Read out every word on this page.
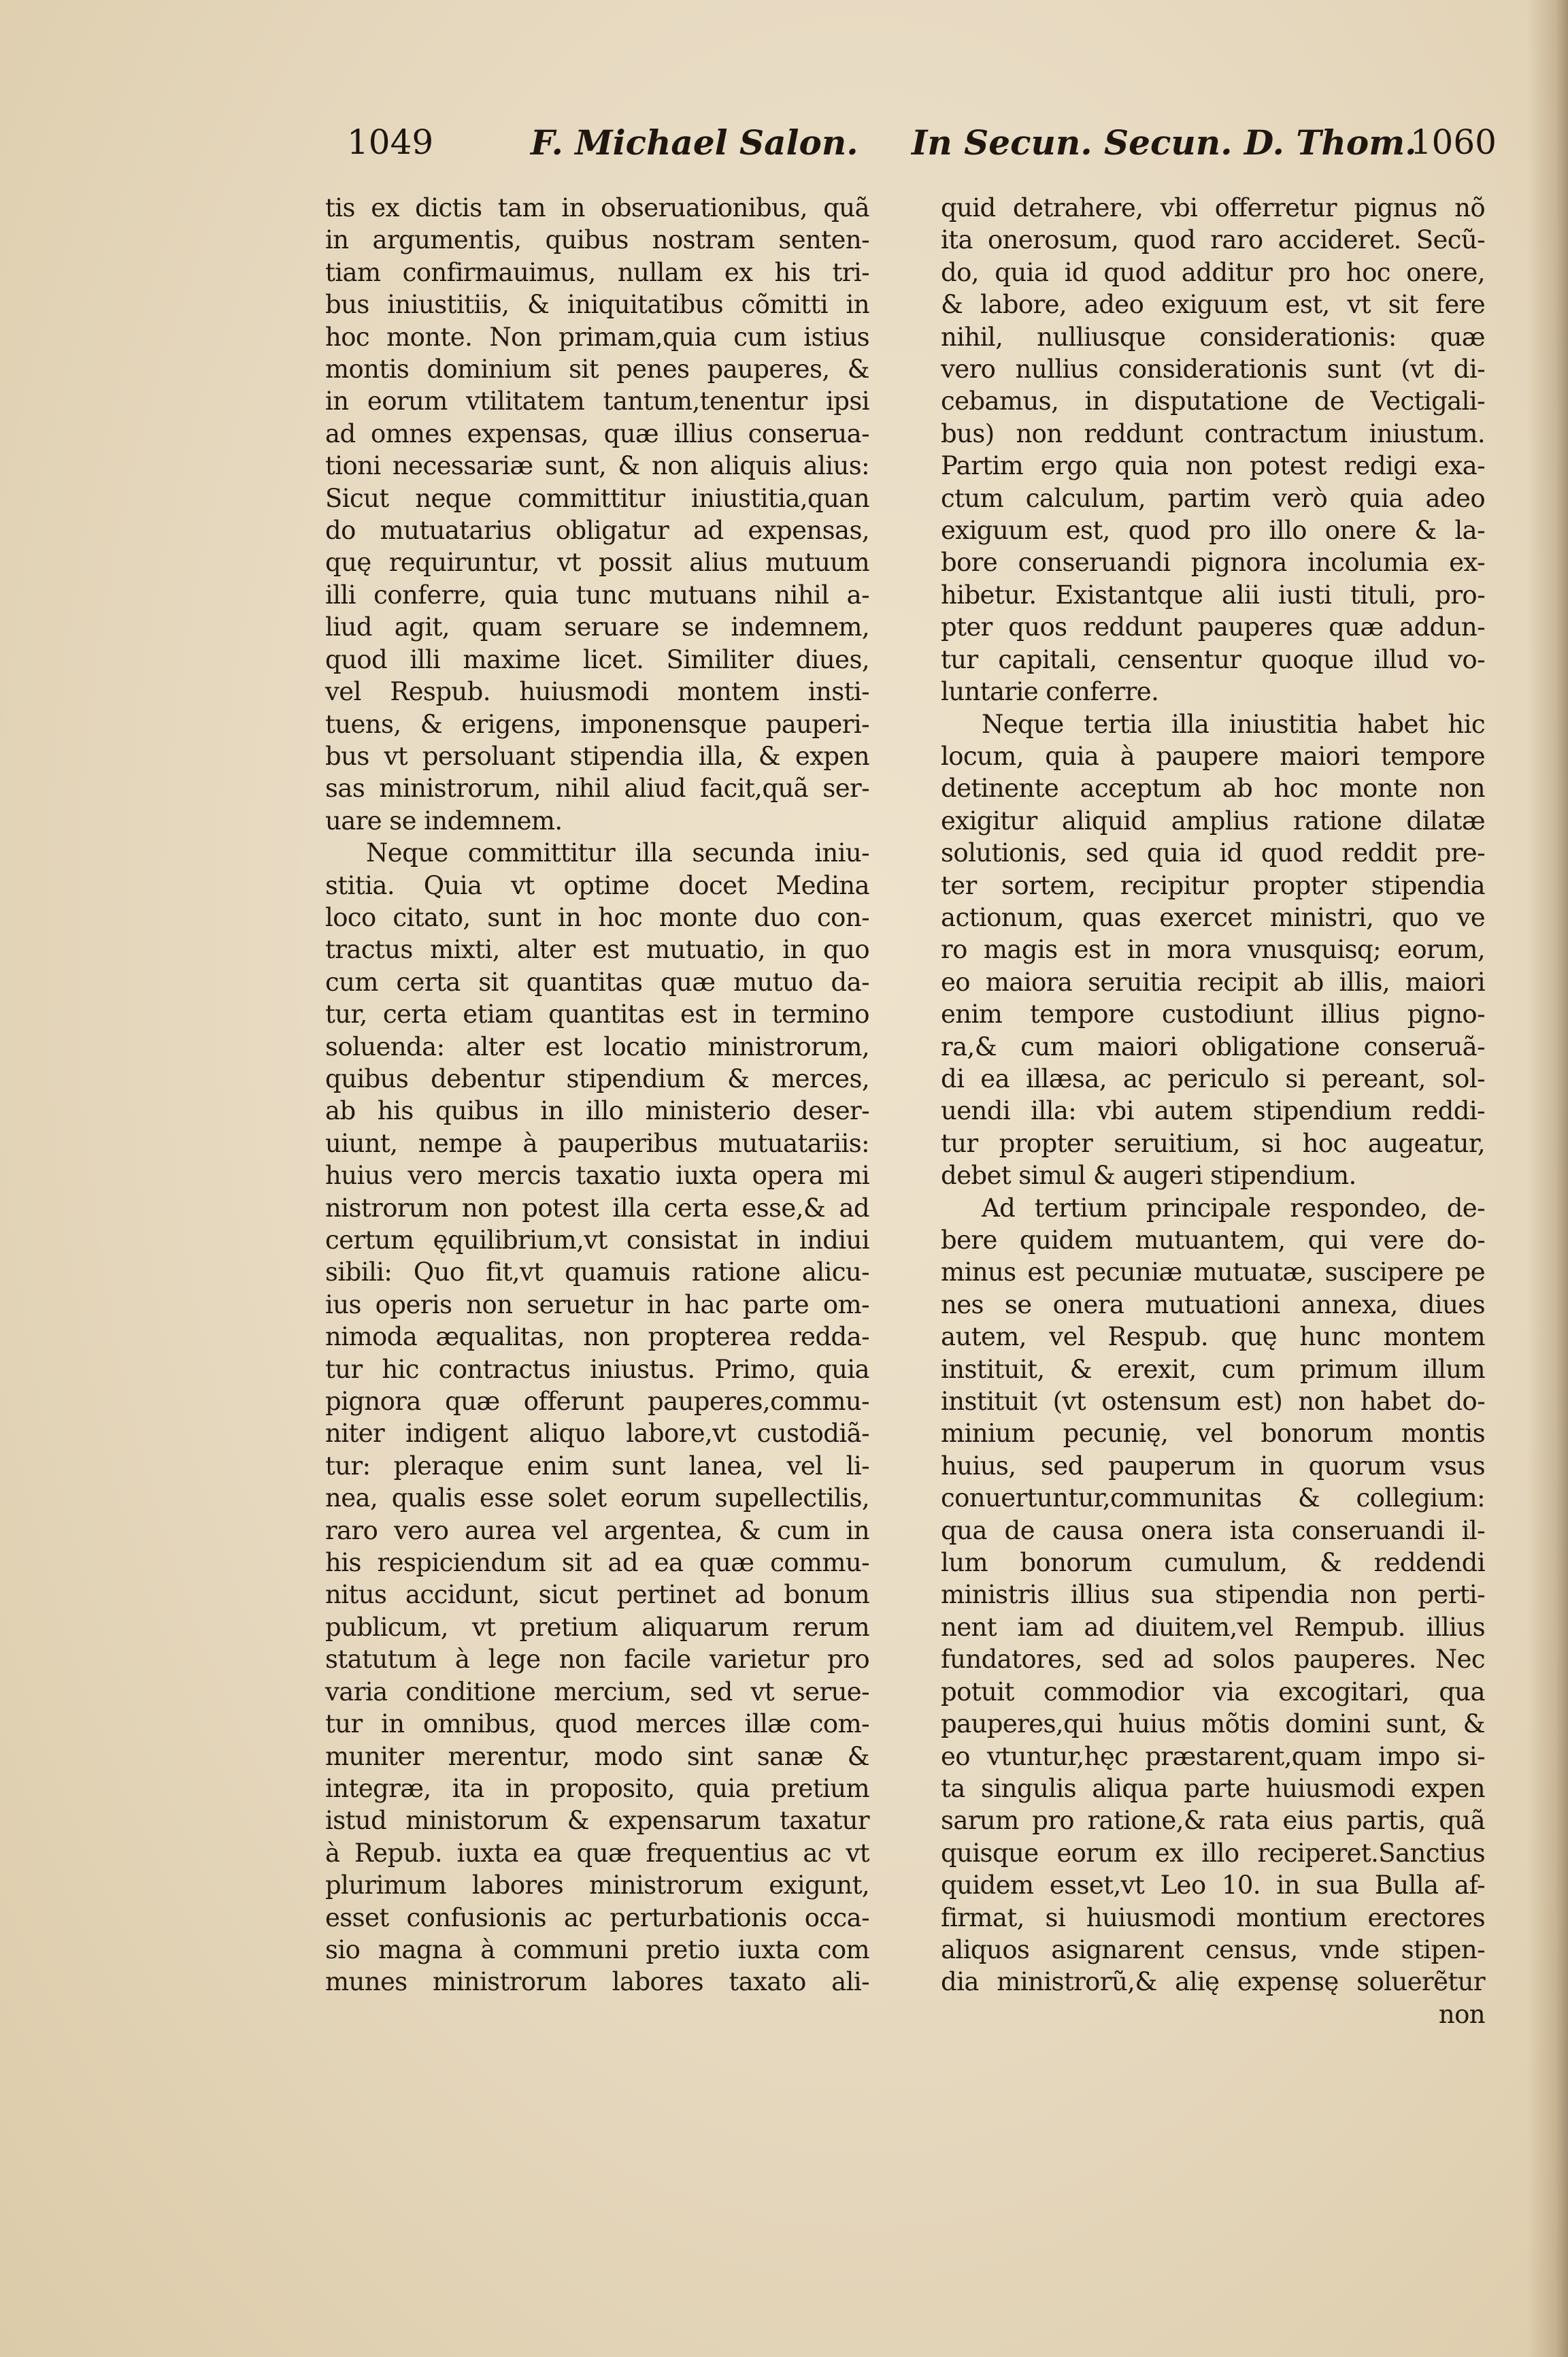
1049	F. Michael Salon. In Secun. Secun. D. Thom.
1060
tis ex dictis tam in obseruationibus, quã
in argumentis, quibus nostram senten-
tiam confirmauimus, nullam ex his tri-
bus iniustitiis, & iniquitatibus cõmitti in
hoc monte. Non primam,quia cum istius
montis dominium sit penes pauperes, &
in eorum vtilitatem tantum,tenentur ipsi
ad omnes expensas, quæ illius conserua-
tioni necessariæ sunt, & non aliquis alius:
Sicut neque committitur iniustitia,quan
do mutuatarius obligatur ad expensas,
quę requiruntur, vt possit alius mutuum
illi conferre, quia tunc mutuans nihil a-
liud agit, quam seruare se indemnem,
quod illi maxime licet. Similiter diues,
vel Respub. huiusmodi montem insti-
tuens, & erigens, imponensque pauperi-
bus vt persoluant stipendia illa, & expen
sas ministrorum, nihil aliud facit,quã ser-
uare se indemnem.
Neque committitur illa secunda iniu-
stitia. Quia vt optime docet Medina
loco citato, sunt in hoc monte duo con-
tractus mixti, alter est mutuatio, in quo
cum certa sit quantitas quæ mutuo da-
tur, certa etiam quantitas est in termino
soluenda: alter est locatio ministrorum,
quibus debentur stipendium & merces,
ab his quibus in illo ministerio deser-
uiunt, nempe à pauperibus mutuatariis:
huius vero mercis taxatio iuxta opera mi
nistrorum non potest illa certa esse,& ad
certum ęquilibrium,vt consistat in indiui
sibili: Quo fit,vt quamuis ratione alicu-
ius operis non seruetur in hac parte om-
nimoda æqualitas, non propterea redda-
tur hic contractus iniustus. Primo, quia
pignora quæ offerunt pauperes,commu-
niter indigent aliquo labore,vt custodiã-
tur: pleraque enim sunt lanea, vel li-
nea, qualis esse solet eorum supellectilis,
raro vero aurea vel argentea, & cum in
his respiciendum sit ad ea quæ commu-
nitus accidunt, sicut pertinet ad bonum
publicum, vt pretium aliquarum rerum
statutum à lege non facile varietur pro
varia conditione mercium, sed vt serue-
tur in omnibus, quod merces illæ com-
muniter merentur, modo sint sanæ &
integræ, ita in proposito, quia pretium
istud ministorum & expensarum taxatur
à Repub. iuxta ea quæ frequentius ac vt
plurimum labores ministrorum exigunt,
esset confusionis ac perturbationis occa-
sio magna à communi pretio iuxta com
munes ministrorum labores taxato ali-
quid detrahere, vbi offerretur pignus nõ
ita onerosum, quod raro accideret. Secũ-
do, quia id quod additur pro hoc onere,
& labore, adeo exiguum est, vt sit fere
nihil, nulliusque considerationis: quæ
vero nullius considerationis sunt (vt di-
cebamus, in disputatione de Vectigali-
bus) non reddunt contractum iniustum.
Partim ergo quia non potest redigi exa-
ctum calculum, partim verò quia adeo
exiguum est, quod pro illo onere & la-
bore conseruandi pignora incolumia ex-
hibetur. Existantque alii iusti tituli, pro-
pter quos reddunt pauperes quæ addun-
tur capitali, censentur quoque illud vo-
luntarie conferre.
Neque tertia illa iniustitia habet hic
locum, quia à paupere maiori tempore
detinente acceptum ab hoc monte non
exigitur aliquid amplius ratione dilatæ
solutionis, sed quia id quod reddit pre-
ter sortem, recipitur propter stipendia
actionum, quas exercet ministri, quo ve
ro magis est in mora vnusquisq; eorum,
eo maiora seruitia recipit ab illis, maiori
enim tempore custodiunt illius pigno-
ra,& cum maiori obligatione conseruã-
di ea illæsa, ac periculo si pereant, sol-
uendi illa: vbi autem stipendium reddi-
tur propter seruitium, si hoc augeatur,
debet simul & augeri stipendium.
Ad tertium principale respondeo, de-
bere quidem mutuantem, qui vere do-
minus est pecuniæ mutuatæ, suscipere pe
nes se onera mutuationi annexa, diues
autem, vel Respub. quę hunc montem
instituit, & erexit, cum primum illum
instituit (vt ostensum est) non habet do-
minium pecunię, vel bonorum montis
huius, sed pauperum in quorum vsus
conuertuntur,communitas & collegium:
qua de causa onera ista conseruandi il-
lum bonorum cumulum, & reddendi
ministris illius sua stipendia non perti-
nent iam ad diuitem,vel Rempub. illius
fundatores, sed ad solos pauperes. Nec
potuit commodior via excogitari, qua
pauperes,qui huius mõtis domini sunt, &
eo vtuntur,hęc præstarent,quam impo si-
ta singulis aliqua parte huiusmodi expen
sarum pro ratione,& rata eius partis, quã
quisque eorum ex illo reciperet.Sanctius
quidem esset,vt Leo 10. in sua Bulla af-
firmat, si huiusmodi montium erectores
aliquos asignarent census, vnde stipen-
dia ministrorũ,& alię expensę soluerẽtur
non
